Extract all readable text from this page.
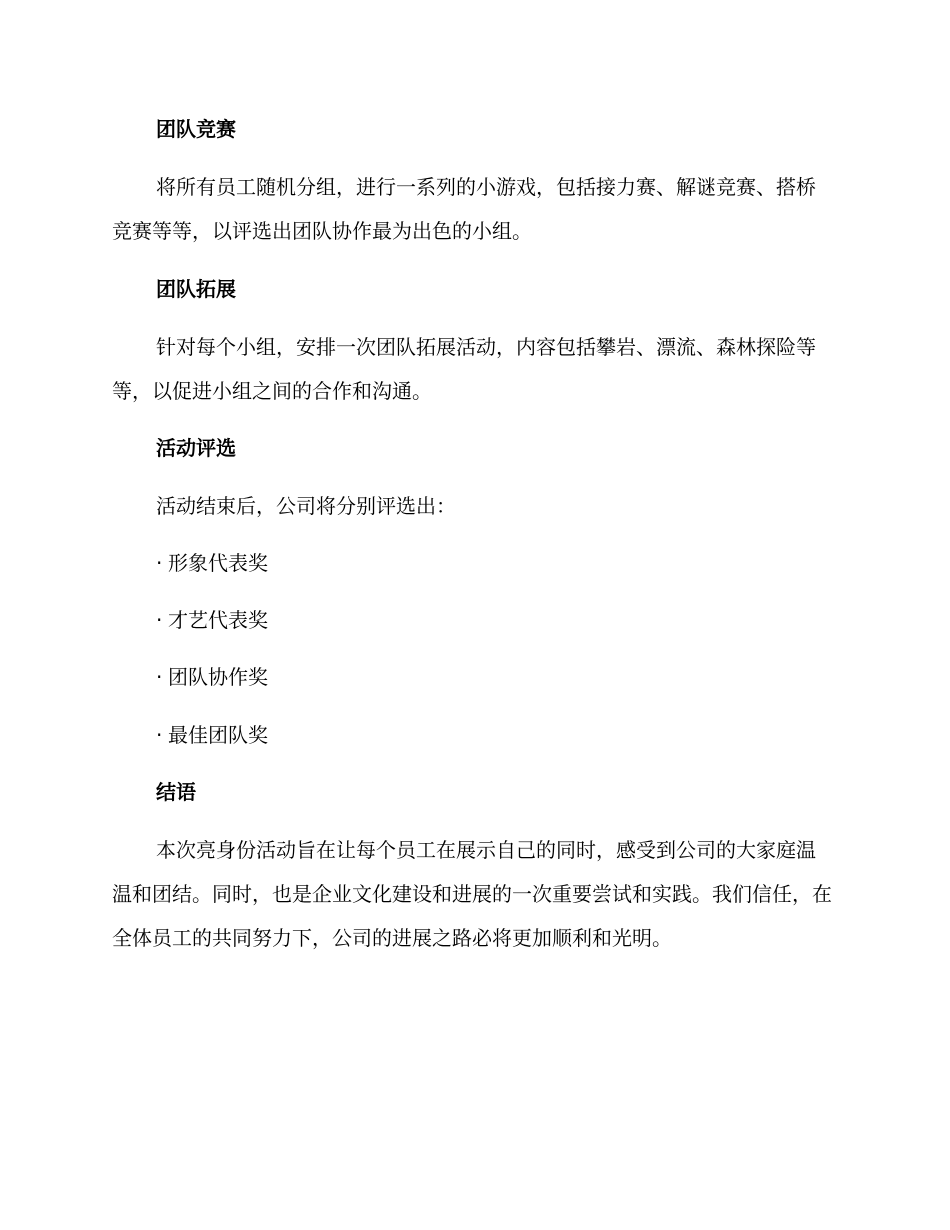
团队竞赛

将所有员工随机分组，进行一系列的小游戏，包括接力赛、解谜竞赛、搭桥竞赛等等，以评选出团队协作最为出色的小组。

团队拓展

针对每个小组，安排一次团队拓展活动，内容包括攀岩、漂流、森林探险等等，以促进小组之间的合作和沟通。

活动评选

活动结束后，公司将分别评选出：

· 形象代表奖

· 才艺代表奖

· 团队协作奖

· 最佳团队奖

结语

本次亮身份活动旨在让每个员工在展示自己的同时，感受到公司的大家庭温温和团结。同时，也是企业文化建设和进展的一次重要尝试和实践。我们信任，在全体员工的共同努力下，公司的进展之路必将更加顺利和光明。
